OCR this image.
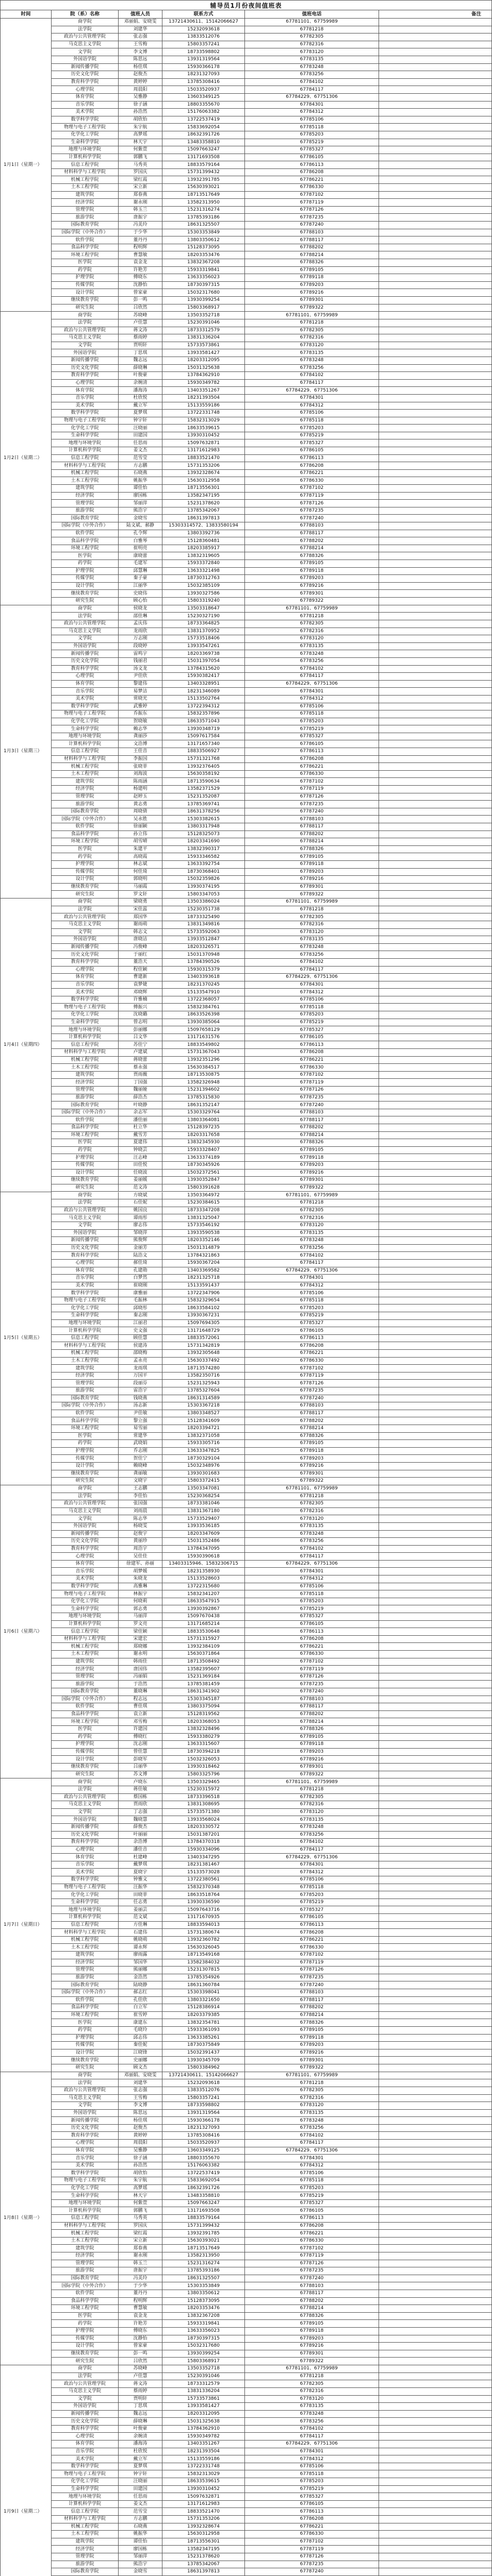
辅导员1月份夜间值班表
时间	院（系）名称	值班人员	联系方式	值班电话	备注
1月1日（星期一）
商学院	邓丽娟、安晓雯	13721430611、15142066627	67781101、67759989
法学院	刘建华	15232093618	67781218
政治与公共管理学院	张志强	13833512076	67782305
马克思主义学院	王雪梅	15803357241	67782316
文学院	李文博	18733598802	67783120
外国语学院	陈思远	13931319564	67783135
新闻传播学院	杨佳琪	15930366178	67783248
历史文化学院	赵俊杰	18231327093	67783256
教育科学学院	黄婷婷	13785308416	67784102
心理学院	周晨阳	15033520937	67784117
体育学院	吴雅静	13603349125	67784229、67751306
音乐学院	徐子涵	18803355670	67784301
美术学院	孙浩然	15176063382	67784312
数学科学学院	胡欣怡	13722537419	67785106
物理与电子工程学院	朱宇航	15833692054	67785118
化学化工学院	高梦瑶	18632391726	67785203
生命科学学院	林天宇	13483358810	67785219
地理与环境学院	何紫萱	15097663247	67785327
计算机科学学院	郭鹏飞	13171693508	67786105
信息工程学院	马秀英	18833579164	67786113
材料科学与工程学院	罗国庆	15731399432	67786208
机械工程学院	梁红霞	13932391785	67786221
土木工程学院	宋立新	15630393021	67786330
建筑学院	郑春燕	18713517649	67787102
经济学院	谢永刚	13582313950	67787119
管理学院	韩玉兰	15231316274	67787126
旅游学院	唐振宇	13785393186	67787235
国际教育学院	冯美玲	18631325507	67787240
国际学院（中外合作）	于少华	15303353849	67788103
软件学院	董丹丹	13803350612	67788117
食品科学学院	程明辉	15128373095	67788202
环境工程学院	曹慧敏	18203353476	67788214
医学院	袁金龙	13832367208	67788326
药学院	许艳芳	15933319841	67789105
护理学院	傅晓东	13633356023	67789118
传媒学院	沈静怡	18730397315	67789203
设计学院	曾家豪	15032317680	67789216
继续教育学院	彭一鸣	13930399254	67789301
研究生院	吕欣然	15803368917	67789322
1月2日（星期二）
商学院	苏晓峰	13503352718	67781101、67759989
法学院	卢佳慧	15230391046	67781218
政治与公共管理学院	蒋文涛	18733312579	67782305
马克思主义学院	蔡雨婷	13831336204	67782316
文学院	贾明轩	15733573861	67783120
外国语学院	丁思琪	13933581427	67783135
新闻传播学院	魏志远	18203312095	67783248
历史文化学院	薛晓琳	15031325638	67783256
教育科学学院	叶俊豪	13784362910	67784102
心理学院	余婉清	15930349782	67784117
体育学院	潘海涛	13403351267	67784229、67751306
音乐学院	杜欣悦	18231393504	67784301
美术学院	戴立军	15133559186	67784312
数学科学学院	夏梦琪	13722331748	67785106
物理与电子工程学院	钟宇轩	15832313029	67785118
化学化工学院	汪晓丽	18633539615	67785203
生命科学学院	田建国	13930310452	67785219
地理与环境学院	任思雨	15097632871	67785327
计算机科学学院	姜文杰	13171612983	67786105
信息工程学院	范雪莹	18833521470	67786113
材料科学与工程学院	方志鹏	15731353206	67786208
机械工程学院	石晓燕	13932328674	67786221
土木工程学院	姚振华	15630312958	67786330
建筑学院	谭佳怡	18713556301	67787102
经济学院	廖国栋	13582347195	67787119
管理学院	邹丽萍	15231378620	67787126
旅游学院	熊浩宇	13785342067	67787235
国际教育学院	金晓雪	18631397813	67787240
国际学院（中外合作）	陆文斌、郝静	15303314572、13833580194	67788103
软件学院	孔令辉	13803392736	67788117
食品科学学院	白雅琴	15128360481	67788202
环境工程学院	崔明亮	18203385917	67788214
医学院	康晓蕾	13832319605	67788326
药学院	毛建军	15933372840	67789105
护理学院	邱慧琳	13633321498	67789118
传媒学院	秦子豪	18730312763	67789203
设计学院	江丽华	15032385109	67789216
继续教育学院	史晓伟	13930327586	67789301
研究生院	顾心怡	15803319240	67789322
1月3日（星期三）
商学院	侯晓龙	13503318647	67781101、67759989
法学院	邵佳琳	15230327190	67781218
政治与公共管理学院	孟庆伟	18733364825	67782305
马克思主义学院	龙雨欣	13831370952	67782316
文学院	万志刚	15733518406	67783120
外国语学院	段晓婷	13933547261	67783135
新闻传播学院	雷鸣宇	18203369738	67783248
历史文化学院	钱丽君	15031397054	67783256
教育科学学院	汤文龙	13784315620	67784102
心理学院	尹佳欣	15930382417	67784117
体育学院	黎建伟	13403328951	67784229、67751306
音乐学院	易梦洁	18231346089	67784301
美术学院	常晓光	15133502764	67784312
数学科学学院	武雅婷	13722394312	67785106
物理与电子工程学院	乔振东	15832357896	67785118
化学化工学院	贺晓敏	18633571043	67785203
生命科学学院	赖志华	13930348719	67785219
地理与环境学院	龚丽莎	15097617584	67785327
计算机科学学院	文浩博	13171657340	67786105
信息工程学院	王佳音	18833506927	67786113
材料科学与工程学院	李振国	15731321768	67786208
机械工程学院	张晓菲	13932376405	67786221
土木工程学院	刘海波	15630358192	67786330
建筑学院	陈雨涵	18713590634	67787102
经济学院	杨建明	13582371529	67787119
管理学院	赵婷玉	15231352087	67787126
旅游学院	黄志勇	13785369741	67787235
国际教育学院	周晓倩	18631378256	67787240
国际学院（中外合作）	吴永胜	15303382615	67788103
软件学院	徐丽颖	13803317948	67788117
食品科学学院	孙立伟	15128325073	67788202
环境工程学院	胡雪晴	18203341690	67788214
医学院	朱建平	13832390317	67788326
药学院	高晓霞	15933346582	67789105
护理学院	林志斌	13633392754	67789118
传媒学院	何佳琦	18730368401	67789203
设计学院	郭晓明	15032359826	67789216
继续教育学院	马丽霞	13930374195	67789301
研究生院	罗文轩	15803347053	67789322
1月4日（星期四）
商学院	梁晓勇	13503386024	67781101、67759989
法学院	宋佳蕊	15230351738	67781218
政治与公共管理学院	郑国华	18733325490	67782305
马克思主义学院	谢雨萌	13831349816	67782316
文学院	韩志文	15733592063	67783120
外国语学院	唐晓洁	13933512847	67783135
新闻传播学院	冯俊峰	18203326571	67783248
历史文化学院	于丽红	15031370948	67783256
教育科学学院	董浩天	13784390526	67784102
心理学院	程佳颖	15930315379	67784117
体育学院	曹建新	13403393618	67784229、67751306
音乐学院	袁梦婕	18231370245	67784301
美术学院	邓晓辉	15133547910	67784312
数学科学学院	许雅楠	13722368057	67785106
物理与电子工程学院	傅振兴	15832384761	67785118
化学化工学院	沈晓璐	18633526398	67785203
生命科学学院	曾志明	13930385064	67785219
地理与环境学院	彭丽娜	15097658129	67785327
计算机科学学院	吕文华	13171631576	67786105
信息工程学院	苏佳宁	18833549802	67786113
材料科学与工程学院	卢建斌	15731367043	67786208
机械工程学院	蒋晓蕾	13932351296	67786221
土木工程学院	蔡永强	15630384517	67786330
建筑学院	贾雨薇	18713530875	67787102
经济学院	丁国强	13582326948	67787119
管理学院	魏丽娅	15231394602	67787126
旅游学院	薛浩杰	13785315830	67787235
国际教育学院	叶晓静	18631352147	67787240
国际学院（中外合作）	余志军	15303329764	67788103
软件学院	潘佳丽	13803364081	67788117
食品科学学院	杜立华	15128397235	67788202
环境工程学院	戴雪芳	18203317658	67788214
医学院	夏建伟	13832345930	67788326
药学院	钟晓芸	15933328407	67789105
护理学院	汪志峰	13633374189	67789118
传媒学院	田佳悦	18730345926	67789203
设计学院	任晓波	15032372561	67789216
继续教育学院	姜丽媛	13930352847	67789301
研究生院	范文涛	15803391628	67789322
1月5日（星期五）
商学院	方晓斌	13503364972	67781101、67759989
法学院	石佳妮	15230384615	67781218
政治与公共管理学院	姚国良	18733347208	67782305
马克思主义学院	谭雨彤	13831325047	67782316
文学院	廖志伟	15733546192	67783120
外国语学院	邹晓萍	13933590538	67783135
新闻传播学院	熊俊辉	18203352146	67783248
历史文化学院	金丽芳	15031314879	67783256
教育科学学院	陆浩文	13784321863	67784102
心理学院	郝佳琦	15930367204	67784117
体育学院	孔建勋	13403369582	67784229、67751306
音乐学院	白梦然	18231325718	67784301
美术学院	崔晓刚	15133591437	67784312
数学科学学院	康雅丽	13722347906	67785106
物理与电子工程学院	毛振林	15832329654	67785118
化学化工学院	邱晓彤	18633584102	67785203
生命科学学院	秦志刚	13930367231	67785219
地理与环境学院	江丽君	15097694305	67785327
计算机科学学院	史文强	13171648729	67786105
信息工程学院	顾佳慧	18833572061	67786113
材料科学与工程学院	侯建涛	15731342819	67786208
机械工程学院	邵晓梅	13932305648	67786221
土木工程学院	孟永亮	15630337492	67786330
建筑学院	龙雨琪	18713574280	67787102
经济学院	万国平	13582350716	67787119
管理学院	段丽芬	15231325943	67787126
旅游学院	雷浩宇	13785327604	67787235
国际教育学院	钱晓燕	18631314589	67787240
国际学院（中外合作）	汤志新	15303367218	67788103
软件学院	尹佳敏	13803348527	67788117
食品科学学院	黎立强	15128341609	67788202
环境工程学院	易雪丽	18203394721	67788214
医学院	常建华	13832371058	67788326
药学院	武晓娟	15933305716	67789105
护理学院	乔志刚	13633347825	67789118
传媒学院	贺佳宁	18730329104	67789203
设计学院	赖晓峰	15032348976	67789216
继续教育学院	龚丽敏	13930301683	67789301
研究生院	文晓宇	15803372415	67789322
1月6日（星期六）
商学院	王志鹏	13503347081	67781101、67759989
法学院	李佳怡	15230368254	67781218
政治与公共管理学院	张国强	18733381046	67782305
马克思主义学院	刘雨晨	13831367180	67782316
文学院	陈志华	15733529407	67783120
外国语学院	杨晓雯	13933536185	67783135
新闻传播学院	赵俊宇	18203347609	67783248
历史文化学院	黄丽珍	15031352486	67783256
教育科学学院	周浩宇	13784347095	67784102
心理学院	吴佳佳	15930390618	67784117
体育学院	徐建军、孙丽	13403315946、15832306715	67784229、67751306
音乐学院	胡梦媛	18231358930	67784301
美术学院	朱晓龙	15133528603	67784312
数学科学学院	高雅琳	13722315680	67785106
物理与电子工程学院	林振宇	15832341207	67785118
化学化工学院	何晓莉	18633547915	67785203
生命科学学院	郭志勇	13930392867	67785219
地理与环境学院	马丽萍	15097670438	67785327
计算机科学学院	罗文亮	13171685214	67786105
信息工程学院	梁佳颖	18833530648	67786113
材料科学与工程学院	宋建宏	15731315927	67786208
机械工程学院	郑晓娜	13932384109	67786221
土木工程学院	谢永明	15630371864	67786330
建筑学院	韩雨佳	18713508492	67787102
经济学院	唐国伟	13582395607	67787119
管理学院	冯丽娟	15231369184	67787126
旅游学院	于浩然	13785381459	67787235
国际教育学院	董晓琳	18631341902	67787240
国际学院（中外合作）	程志远	15303345187	67788103
软件学院	曹佳琪	13803375094	67788117
食品科学学院	袁立新	15128319562	67788202
环境工程学院	邓雪梅	18203368053	67788214
医学院	许建国	13832328496	67788326
药学院	傅晓红	15933380279	67789105
护理学院	沈志刚	13633315607	67789118
传媒学院	曾佳慧	18730394218	67789203
设计学院	彭晓军	15032326053	67789216
继续教育学院	吕丽华	13930318462	67789301
研究生院	苏文博	15803325796	67789322
1月7日（星期日）
商学院	卢晓东	13503329465	67781101、67759989
法学院	蒋佳敏	15230315972	67781218
政治与公共管理学院	蔡国栋	18733396518	67782305
马克思主义学院	贾雨欣	13831308695	67782316
文学院	丁志强	15733571380	67783120
外国语学院	魏晓慧	13933568024	67783135
新闻传播学院	薛俊杰	18203330572	67783248
历史文化学院	叶丽丽	15031387201	67783256
教育科学学院	余浩博	13784370318	67784102
心理学院	潘佳音	15930334096	67784117
体育学院	杜建峰	13403347295	67784229、67751306
音乐学院	戴梦琪	18231381467	67784301
美术学院	夏晓宇	15133573028	67784312
数学科学学院	钟雅文	13722380561	67785106
物理与电子工程学院	汪振华	15832370348	67785118
化学化工学院	田晓菲	18633518764	67785203
生命科学学院	任志勇	13930336590	67785219
地理与环境学院	姜丽芸	15097643716	67785327
计算机科学学院	范文斌	13171670935	67786105
信息工程学院	方佳琳	18833594013	67786113
材料科学与工程学院	石建伟	15731380674	67786208
机械工程学院	姚晓萌	13932360782	67786221
土木工程学院	谭永辉	15630326045	67786330
建筑学院	廖雨露	18713549168	67787102
经济学院	邹国华	13582384032	67787119
管理学院	熊丽娜	15231307815	67787126
旅游学院	金浩然	13785354926	67787235
国际教育学院	陆晓静	18631360784	67787240
国际学院（中外合作）	郝志红	15303398041	67788103
软件学院	孔佳欣	13803321650	67788117
食品科学学院	白立军	15128386914	67788202
环境工程学院	崔雪婷	18203379385	67788214
医学院	康建东	13832354781	67788326
药学院	毛晓玲	15933361093	67789105
护理学院	邱志伟	13633385261	67789118
传媒学院	秦佳妮	18730375849	67789203
设计学院	江晓锋	15032391437	67789216
继续教育学院	史丽娜	13930345709	67789301
研究生院	顾文杰	15803384962	67789322
1月8日（星期一）
商学院	邓丽娟、安晓雯	13721430611、15142066627	67781101、67759989
法学院	刘建华	15232093618	67781218
政治与公共管理学院	张志强	13833512076	67782305
马克思主义学院	王雪梅	15803357241	67782316
文学院	李文博	18733598802	67783120
外国语学院	陈思远	13931319564	67783135
新闻传播学院	杨佳琪	15930366178	67783248
历史文化学院	赵俊杰	18231327093	67783256
教育科学学院	黄婷婷	13785308416	67784102
心理学院	周晨阳	15033520937	67784117
体育学院	吴雅静	13603349125	67784229、67751306
音乐学院	徐子涵	18803355670	67784301
美术学院	孙浩然	15176063382	67784312
数学科学学院	胡欣怡	13722537419	67785106
物理与电子工程学院	朱宇航	15833692054	67785118
化学化工学院	高梦瑶	18632391726	67785203
生命科学学院	林天宇	13483358810	67785219
地理与环境学院	何紫萱	15097663247	67785327
计算机科学学院	郭鹏飞	13171693508	67786105
信息工程学院	马秀英	18833579164	67786113
材料科学与工程学院	罗国庆	15731399432	67786208
机械工程学院	梁红霞	13932391785	67786221
土木工程学院	宋立新	15630393021	67786330
建筑学院	郑春燕	18713517649	67787102
经济学院	谢永刚	13582313950	67787119
管理学院	韩玉兰	15231316274	67787126
旅游学院	唐振宇	13785393186	67787235
国际教育学院	冯美玲	18631325507	67787240
国际学院（中外合作）	于少华	15303353849	67788103
软件学院	董丹丹	13803350612	67788117
食品科学学院	程明辉	15128373095	67788202
环境工程学院	曹慧敏	18203353476	67788214
医学院	袁金龙	13832367208	67788326
药学院	许艳芳	15933319841	67789105
护理学院	傅晓东	13633356023	67789118
传媒学院	沈静怡	18730397315	67789203
设计学院	曾家豪	15032317680	67789216
继续教育学院	彭一鸣	13930399254	67789301
研究生院	吕欣然	15803368917	67789322
1月9日（星期二）
商学院	苏晓峰	13503352718	67781101、67759989
法学院	卢佳慧	15230391046	67781218
政治与公共管理学院	蒋文涛	18733312579	67782305
马克思主义学院	蔡雨婷	13831336204	67782316
文学院	贾明轩	15733573861	67783120
外国语学院	丁思琪	13933581427	67783135
新闻传播学院	魏志远	18203312095	67783248
历史文化学院	薛晓琳	15031325638	67783256
教育科学学院	叶俊豪	13784362910	67784102
心理学院	余婉清	15930349782	67784117
体育学院	潘海涛	13403351267	67784229、67751306
音乐学院	杜欣悦	18231393504	67784301
美术学院	戴立军	15133559186	67784312
数学科学学院	夏梦琪	13722331748	67785106
物理与电子工程学院	钟宇轩	15832313029	67785118
化学化工学院	汪晓丽	18633539615	67785203
生命科学学院	田建国	13930310452	67785219
地理与环境学院	任思雨	15097632871	67785327
计算机科学学院	姜文杰	13171612983	67786105
信息工程学院	范雪莹	18833521470	67786113
材料科学与工程学院	方志鹏	15731353206	67786208
机械工程学院	石晓燕	13932328674	67786221
土木工程学院	姚振华	15630312958	67786330
建筑学院	谭佳怡	18713556301	67787102
经济学院	廖国栋	13582347195	67787119
管理学院	邹丽萍	15231378620	67787126
旅游学院	熊浩宇	13785342067	67787235
国际教育学院	金晓雪	18631397813	67787240
